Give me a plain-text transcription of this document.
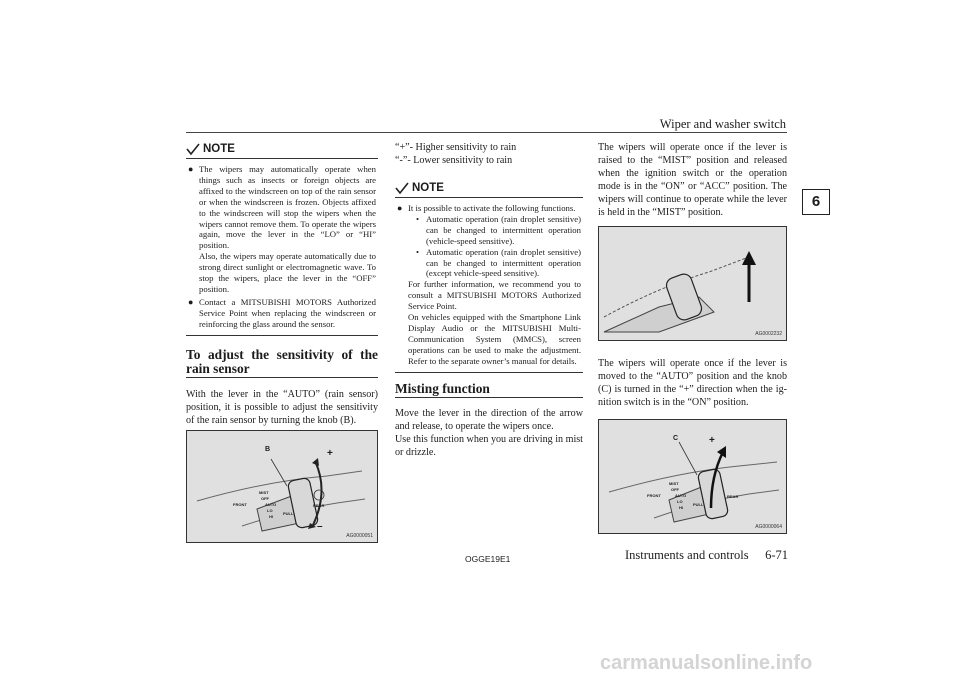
Wiper and washer switch
6
NOTE
● The wipers may automatically operate when things such as insects or foreign objects are affixed to the windscreen on top of the rain sensor or when the windscreen is frozen. Objects affixed to the windscreen will stop the wipers when the wipers cannot remove them. To operate the wipers again, move the lever in the “LO” or “HI” position.

Also, the wipers may operate automatically due to strong direct sunlight or electromagnetic wave. To stop the wipers, place the lever in the “OFF” position.

● Contact a MITSUBISHI MOTORS Authorized Service Point when replacing the windscreen or reinforcing the glass around the sensor.

To adjust the sensitivity of the rain sensor

With the lever in the “AUTO” (rain sensor) position, it is possible to adjust the sensitivity of the rain sensor by turning the knob (B).

B	+
–
FRONT
MIST
OFF
AUTO
LO
HI
PULL
REAR
AG0000051

“+”- Higher sensitivity to rain

“-”- Lower sensitivity to rain

NOTE
● It is possible to activate the following functions.

• Automatic operation (rain droplet sensitive) can be changed to intermittent operation (vehicle-speed sensitive).
• Automatic operation (rain droplet sensitive) can be changed to intermittent operation (except vehicle-speed sensitive).

For further information, we recommend you to consult a MITSUBISHI MOTORS Authorized Service Point.

On vehicles equipped with the Smartphone Link Display Audio or the MITSUBISHI Multi-Communication System (MMCS), screen operations can be used to make the adjustment. Refer to the separate owner’s manual for details.

Misting function

Move the lever in the direction of the arrow and release, to operate the wipers once.

Use this function when you are driving in mist or drizzle.

The wipers will operate once if the lever is raised to the “MIST” position and released when the ignition switch or the operation mode is in the “ON” or “ACC” position. The wipers will continue to operate while the lever is held in the “MIST” position.

AG0002232

The wipers will operate once if the lever is moved to the “AUTO” position and the knob (C) is turned in the “+” direction when the ignition switch is in the “ON” position.

C	+
FRONT
MIST
OFF
AUTO
LO
HI
PULL
REAR
AG0000064
OGGE19E1	Instruments and controls	6-71
carmanualsonline.info
